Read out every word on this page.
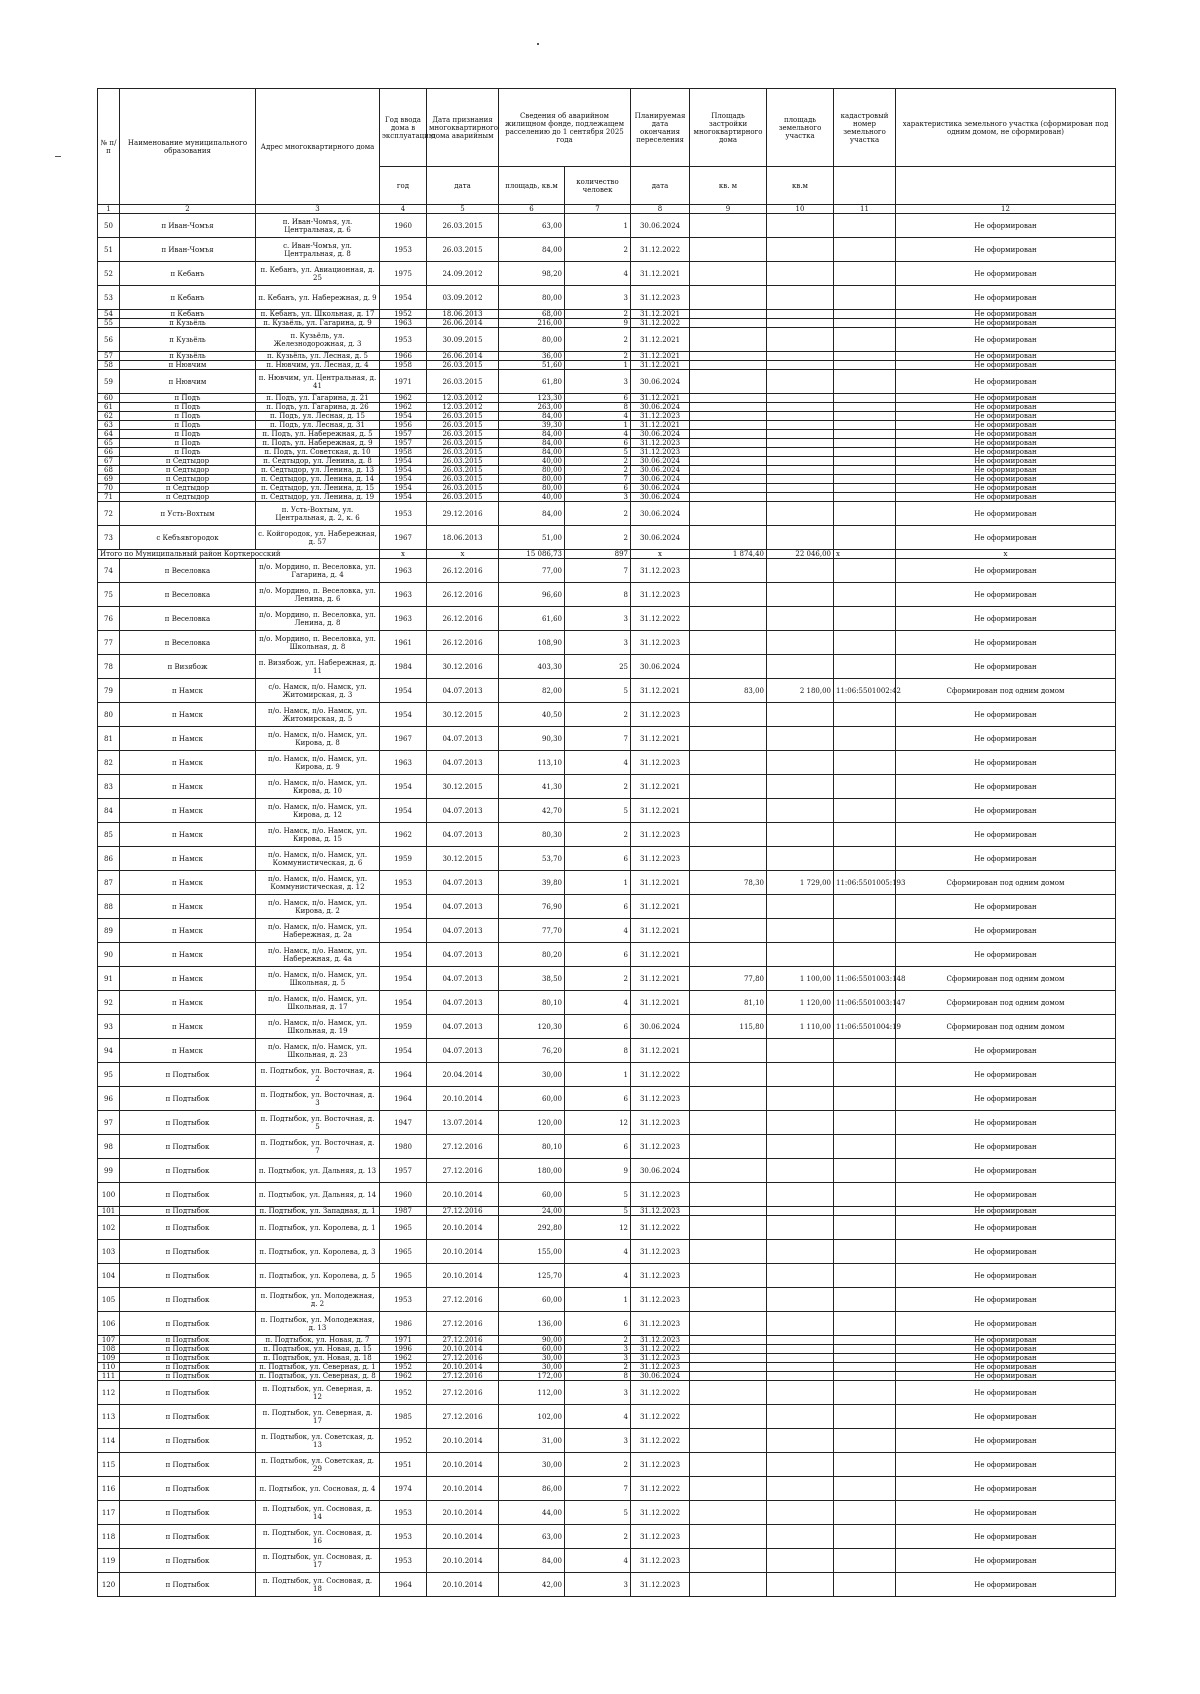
№ п/п	Наименование муниципального образования	Адрес многоквартирного дома	Год ввода дома в эксплуатацию	Дата признания многоквартирного дома аварийным	Сведения об аварийном жилищном фонде, подлежащем расселению до 1 сентября 2025 года		Планируемая дата окончания переселения	Площадь застройки многоквартирного дома	площадь земельного участка	кадастровый номер земельного участка	характеристика земельного участка (сформирован под одним домом, не сформирован)
			год	дата	площадь, кв.м	количество человек	дата	кв. м	кв.м		
1	2	3	4	5	6	7	8	9	10	11	12
50	п Иван-Чомъя	п. Иван-Чомъя, ул. Центральная, д. 6	1960	26.03.2015	63,00	1	30.06.2024				Не оформирован
51	п Иван-Чомъя	с. Иван-Чомъя, ул. Центральная, д. 8	1953	26.03.2015	84,00	2	31.12.2022				Не оформирован
52	п Кебанъ	п. Кебанъ, ул. Авиационная, д. 25	1975	24.09.2012	98,20	4	31.12.2021				Не оформирован
53	п Кебанъ	п. Кебанъ, ул. Набережная, д. 9	1954	03.09.2012	80,00	3	31.12.2023				Не оформирован
54	п Кебанъ	п. Кебанъ, ул. Школьная, д. 17	1952	18.06.2013	68,00	2	31.12.2021				Не оформирован
55	п Кузьёль	п. Кузьёль, ул. Гагарина, д. 9	1963	26.06.2014	216,00	9	31.12.2022				Не оформирован
56	п Кузьёль	п. Кузьёль, ул. Железнодорожная, д. 3	1953	30.09.2015	80,00	2	31.12.2021				Не оформирован
57	п Кузьёль	п. Кузьёль, ул. Лесная, д. 5	1966	26.06.2014	36,00	2	31.12.2021				Не оформирован
58	п Нювчим	п. Нювчим, ул. Лесная, д. 4	1958	26.03.2015	51,60	1	31.12.2021				Не оформирован
59	п Нювчим	п. Нювчим, ул. Центральная, д. 41	1971	26.03.2015	61,80	3	30.06.2024				Не оформирован
60	п Подъ	п. Подъ, ул. Гагарина, д. 21	1962	12.03.2012	123,30	6	31.12.2021				Не оформирован
61	п Подъ	п. Подъ, ул. Гагарина, д. 26	1962	12.03.2012	263,00	8	30.06.2024				Не оформирован
62	п Подъ	п. Подъ, ул. Лесная, д. 15	1954	26.03.2015	84,00	4	31.12.2023				Не оформирован
63	п Подъ	п. Подъ, ул. Лесная, д. 31	1956	26.03.2015	39,30	1	31.12.2021				Не оформирован
64	п Подъ	п. Подъ, ул. Набережная, д. 5	1957	26.03.2015	84,00	4	30.06.2024				Не оформирован
65	п Подъ	п. Подъ, ул. Набережная, д. 9	1957	26.03.2015	84,00	6	31.12.2023				Не оформирован
66	п Подъ	п. Подъ, ул. Советская, д. 10	1958	26.03.2015	84,00	5	31.12.2023				Не оформирован
67	п Седтыдор	п. Седтыдор, ул. Ленина, д. 8	1954	26.03.2015	40,00	2	30.06.2024				Не оформирован
68	п Седтыдор	п. Седтыдор, ул. Ленина, д. 13	1954	26.03.2015	80,00	2	30.06.2024				Не оформирован
69	п Седтыдор	п. Седтыдор, ул. Ленина, д. 14	1954	26.03.2015	80,00	7	30.06.2024				Не оформирован
70	п Седтыдор	п. Седтыдор, ул. Ленина, д. 15	1954	26.03.2015	80,00	6	30.06.2024				Не оформирован
71	п Седтыдор	п. Седтыдор, ул. Ленина, д. 19	1954	26.03.2015	40,00	3	30.06.2024				Не оформирован
72	п Усть-Вохтым	п. Усть-Вохтым, ул. Центральная, д. 2, к. 6	1953	29.12.2016	84,00	2	30.06.2024				Не оформирован
73	с Кебъявгородок	с. Койгородок, ул. Набережная, д. 57	1967	18.06.2013	51,00	2	30.06.2024				Не оформирован
Итого по Муниципальный район Корткеросский			x	x	15 086,73	897	x	1 874,40	22 046,00	x	x
74	п Веселовка	п/о. Мордино, п. Веселовка, ул. Гагарина, д. 4	1963	26.12.2016	77,00	7	31.12.2023				Не оформирован
75	п Веселовка	п/о. Мордино, п. Веселовка, ул. Ленина, д. 6	1963	26.12.2016	96,60	8	31.12.2023				Не оформирован
76	п Веселовка	п/о. Мордино, п. Веселовка, ул. Ленина, д. 8	1963	26.12.2016	61,60	3	31.12.2022				Не оформирован
77	п Веселовка	п/о. Мордино, п. Веселовка, ул. Школьная, д. 8	1961	26.12.2016	108,90	3	31.12.2023				Не оформирован
78	п Визябож	п. Визябож, ул. Набережная, д. 11	1984	30.12.2016	403,30	25	30.06.2024				Не оформирован
79	п Намск	с/о. Намск, п/о. Намск, ул. Житомирская, д. 3	1954	04.07.2013	82,00	5	31.12.2021	83,00	2 180,00	11:06:5501002:42	Сформирован под одним домом
80	п Намск	п/о. Намск, п/о. Намск, ул. Житомирская, д. 5	1954	30.12.2015	40,50	2	31.12.2023				Не оформирован
81	п Намск	п/о. Намск, п/о. Намск, ул. Кирова, д. 8	1967	04.07.2013	90,30	7	31.12.2021				Не оформирован
82	п Намск	п/о. Намск, п/о. Намск, ул. Кирова, д. 9	1963	04.07.2013	113,10	4	31.12.2023				Не оформирован
83	п Намск	п/о. Намск, п/о. Намск, ул. Кирова, д. 10	1954	30.12.2015	41,30	2	31.12.2021				Не оформирован
84	п Намск	п/о. Намск, п/о. Намск, ул. Кирова, д. 12	1954	04.07.2013	42,70	5	31.12.2021				Не оформирован
85	п Намск	п/о. Намск, п/о. Намск, ул. Кирова, д. 15	1962	04.07.2013	80,30	2	31.12.2023				Не оформирован
86	п Намск	п/о. Намск, п/о. Намск, ул. Коммунистическая, д. 6	1959	30.12.2015	53,70	6	31.12.2023				Не оформирован
87	п Намск	п/о. Намск, п/о. Намск, ул. Коммунистическая, д. 12	1953	04.07.2013	39,80	1	31.12.2021	78,30	1 729,00	11:06:5501005:193	Сформирован под одним домом
88	п Намск	п/о. Намск, п/о. Намск, ул. Кирова, д. 2	1954	04.07.2013	76,90	6	31.12.2021				Не оформирован
89	п Намск	п/о. Намск, п/о. Намск, ул. Набережная, д. 2а	1954	04.07.2013	77,70	4	31.12.2021				Не оформирован
90	п Намск	п/о. Намск, п/о. Намск, ул. Набережная, д. 4а	1954	04.07.2013	80,20	6	31.12.2021				Не оформирован
91	п Намск	п/о. Намск, п/о. Намск, ул. Школьная, д. 5	1954	04.07.2013	38,50	2	31.12.2021	77,80	1 100,00	11:06:5501003:148	Сформирован под одним домом
92	п Намск	п/о. Намск, п/о. Намск, ул. Школьная, д. 17	1954	04.07.2013	80,10	4	31.12.2021	81,10	1 120,00	11:06:5501003:147	Сформирован под одним домом
93	п Намск	п/о. Намск, п/о. Намск, ул. Школьная, д. 19	1959	04.07.2013	120,30	6	30.06.2024	115,80	1 110,00	11:06:5501004:19	Сформирован под одним домом
94	п Намск	п/о. Намск, п/о. Намск, ул. Школьная, д. 23	1954	04.07.2013	76,20	8	31.12.2021				Не оформирован
95	п Подтыбок	п. Подтыбок, ул. Восточная, д. 2	1964	20.04.2014	30,00	1	31.12.2022				Не оформирован
96	п Подтыбок	п. Подтыбок, ул. Восточная, д. 3	1964	20.10.2014	60,00	6	31.12.2023				Не оформирован
97	п Подтыбок	п. Подтыбок, ул. Восточная, д. 5	1947	13.07.2014	120,00	12	31.12.2023				Не оформирован
98	п Подтыбок	п. Подтыбок, ул. Восточная, д. 7	1980	27.12.2016	80,10	6	31.12.2023				Не оформирован
99	п Подтыбок	п. Подтыбок, ул. Дальняя, д. 13	1957	27.12.2016	180,00	9	30.06.2024				Не оформирован
100	п Подтыбок	п. Подтыбок, ул. Дальняя, д. 14	1960	20.10.2014	60,00	5	31.12.2023				Не оформирован
101	п Подтыбок	п. Подтыбок, ул. Западная, д. 1	1987	27.12.2016	24,00	5	31.12.2023				Не оформирован
102	п Подтыбок	п. Подтыбок, ул. Королева, д. 1	1965	20.10.2014	292,80	12	31.12.2022				Не оформирован
103	п Подтыбок	п. Подтыбок, ул. Королева, д. 3	1965	20.10.2014	155,00	4	31.12.2023				Не оформирован
104	п Подтыбок	п. Подтыбок, ул. Королева, д. 5	1965	20.10.2014	125,70	4	31.12.2023				Не оформирован
105	п Подтыбок	п. Подтыбок, ул. Молодежная, д. 2	1953	27.12.2016	60,00	1	31.12.2023				Не оформирован
106	п Подтыбок	п. Подтыбок, ул. Молодежная, д. 13	1986	27.12.2016	136,00	6	31.12.2023				Не оформирован
107	п Подтыбок	п. Подтыбок, ул. Новая, д. 7	1971	27.12.2016	90,00	2	31.12.2023				Не оформирован
108	п Подтыбок	п. Подтыбок, ул. Новая, д. 15	1996	20.10.2014	60,00	3	31.12.2022				Не оформирован
109	п Подтыбок	п. Подтыбок, ул. Новая, д. 18	1962	27.12.2016	30,00	3	31.12.2023				Не оформирован
110	п Подтыбок	п. Подтыбок, ул. Северная, д. 1	1952	20.10.2014	30,00	2	31.12.2023				Не оформирован
111	п Подтыбок	п. Подтыбок, ул. Северная, д. 8	1962	27.12.2016	172,00	8	30.06.2024				Не оформирован
112	п Подтыбок	п. Подтыбок, ул. Северная, д. 12	1952	27.12.2016	112,00	3	31.12.2022				Не оформирован
113	п Подтыбок	п. Подтыбок, ул. Северная, д. 17	1985	27.12.2016	102,00	4	31.12.2022				Не оформирован
114	п Подтыбок	п. Подтыбок, ул. Советская, д. 13	1952	20.10.2014	31,00	3	31.12.2022				Не оформирован
115	п Подтыбок	п. Подтыбок, ул. Советская, д. 29	1951	20.10.2014	30,00	2	31.12.2023				Не оформирован
116	п Подтыбок	п. Подтыбок, ул. Сосновая, д. 4	1974	20.10.2014	86,00	7	31.12.2022				Не оформирован
117	п Подтыбок	п. Подтыбок, ул. Сосновая, д. 14	1953	20.10.2014	44,00	5	31.12.2022				Не оформирован
118	п Подтыбок	п. Подтыбок, ул. Сосновая, д. 16	1953	20.10.2014	63,00	2	31.12.2023				Не оформирован
119	п Подтыбок	п. Подтыбок, ул. Сосновая, д. 17	1953	20.10.2014	84,00	4	31.12.2023				Не оформирован
120	п Подтыбок	п. Подтыбок, ул. Сосновая, д. 18	1964	20.10.2014	42,00	3	31.12.2023				Не оформирован
